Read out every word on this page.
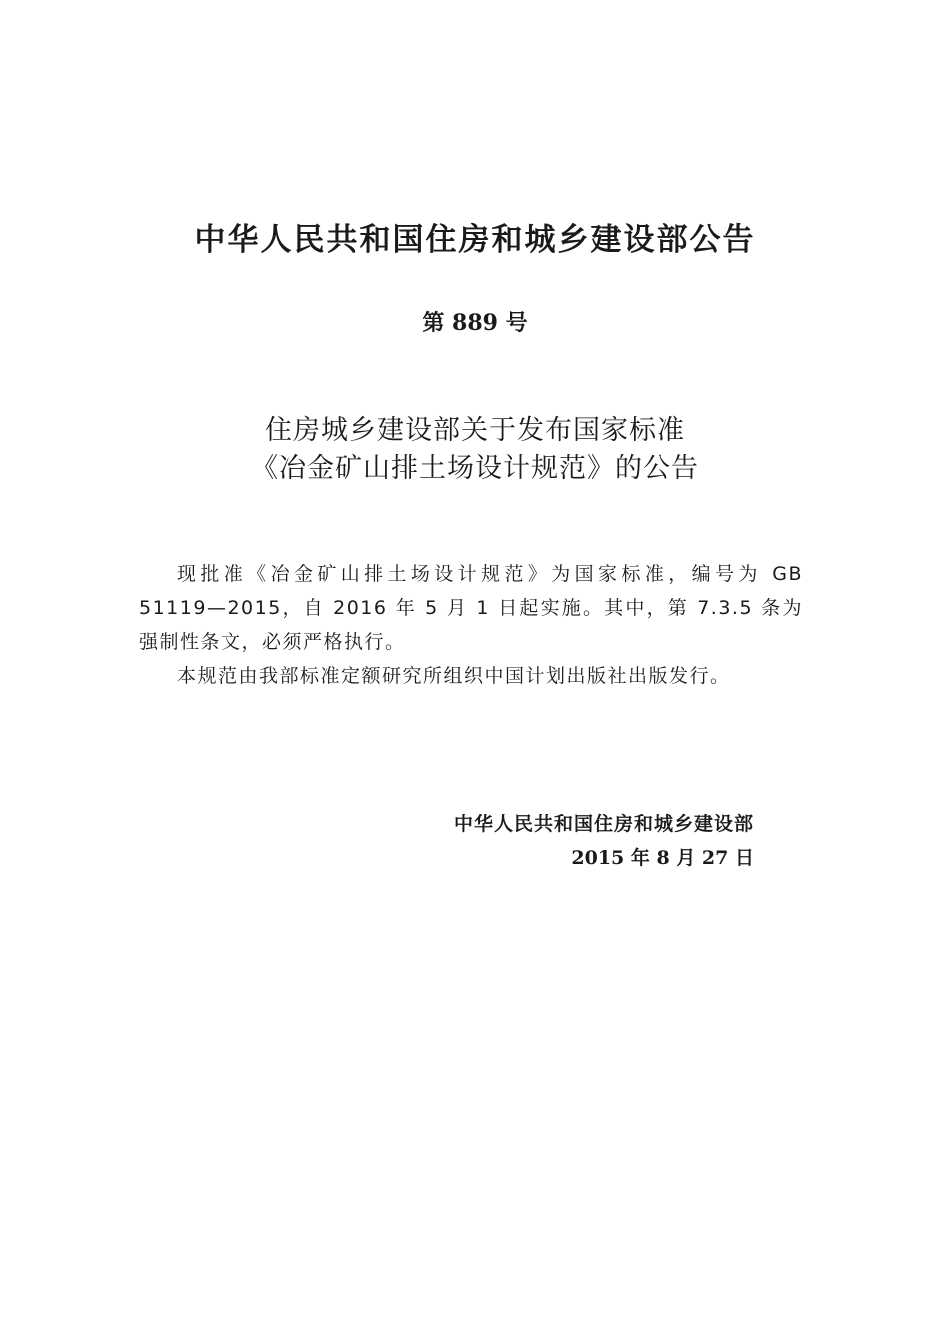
中华人民共和国住房和城乡建设部公告
第 889 号
住房城乡建设部关于发布国家标准
《冶金矿山排土场设计规范》的公告

现批准《冶金矿山排土场设计规范》为国家标准，编号为 GB 51119—2015，自 2016 年 5 月 1 日起实施。其中，第 7.3.5 条为强制性条文，必须严格执行。

本规范由我部标准定额研究所组织中国计划出版社出版发行。

中华人民共和国住房和城乡建设部
2015 年 8 月 27 日
